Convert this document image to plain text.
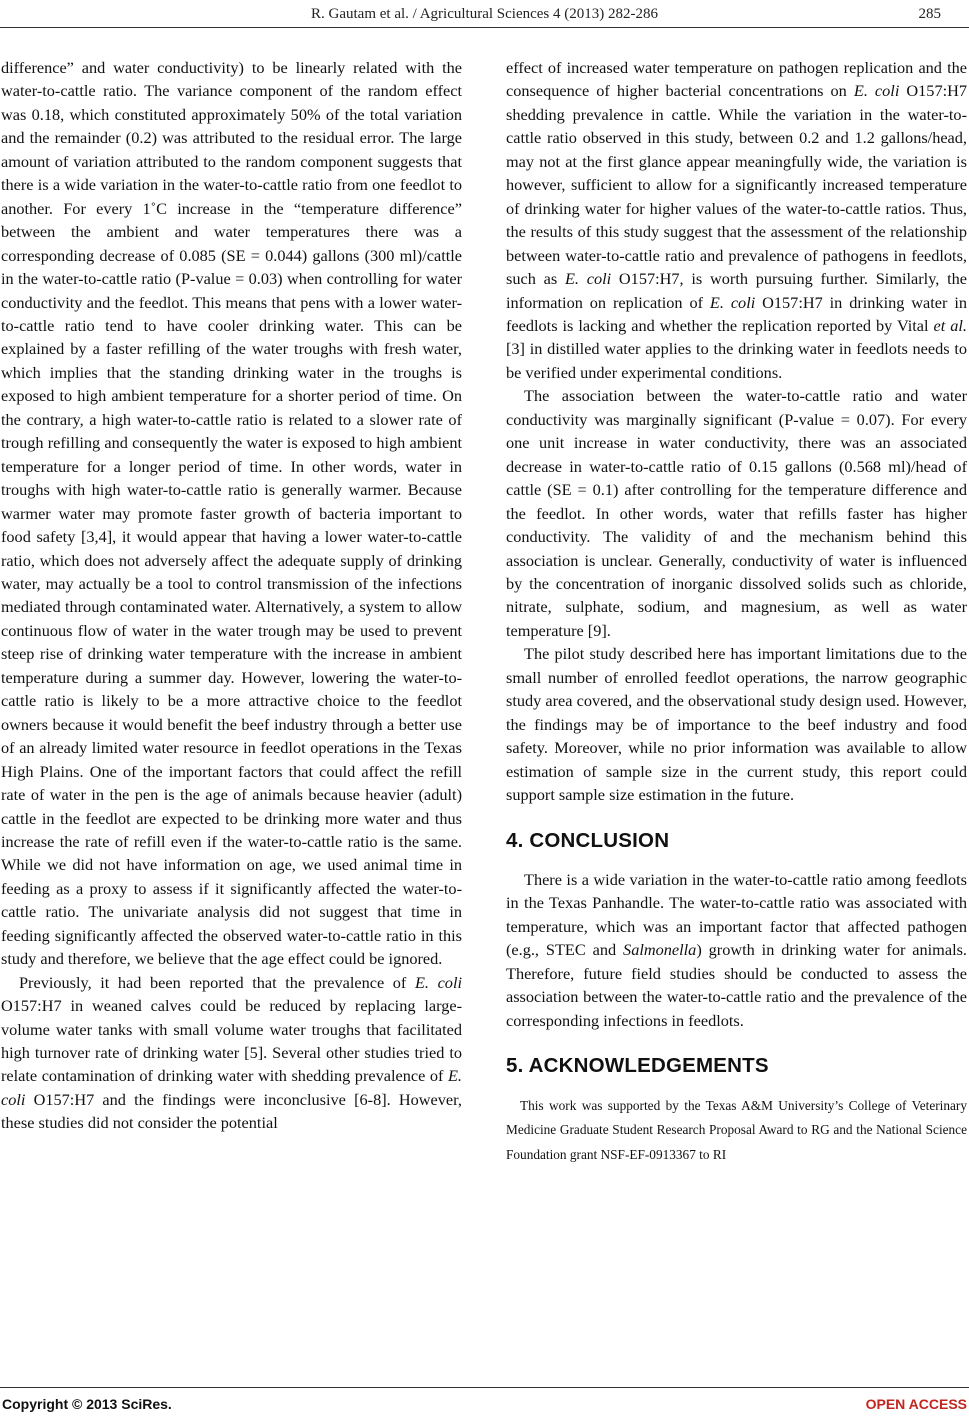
R. Gautam et al. / Agricultural Sciences 4 (2013) 282-286	285

difference” and water conductivity) to be linearly related with the water-to-cattle ratio. The variance component of the random effect was 0.18, which constituted approximately 50% of the total variation and the remainder (0.2) was attributed to the residual error. The large amount of variation attributed to the random component suggests that there is a wide variation in the water-to-cattle ratio from one feedlot to another. For every 1˚C increase in the “temperature difference” between the ambient and water temperatures there was a corresponding decrease of 0.085 (SE = 0.044) gallons (300 ml)/cattle in the water-to-cattle ratio (P-value = 0.03) when controlling for water conductivity and the feedlot. This means that pens with a lower water-to-cattle ratio tend to have cooler drinking water. This can be explained by a faster refilling of the water troughs with fresh water, which implies that the standing drinking water in the troughs is exposed to high ambient temperature for a shorter period of time. On the contrary, a high water-to-cattle ratio is related to a slower rate of trough refilling and consequently the water is exposed to high ambient temperature for a longer period of time. In other words, water in troughs with high water-to-cattle ratio is generally warmer. Because warmer water may promote faster growth of bacteria important to food safety [3,4], it would appear that having a lower water-to-cattle ratio, which does not adversely affect the adequate supply of drinking water, may actually be a tool to control transmission of the infections mediated through contaminated water. Alternatively, a system to allow continuous flow of water in the water trough may be used to prevent steep rise of drinking water temperature with the increase in ambient temperature during a summer day. However, lowering the water-to-cattle ratio is likely to be a more attractive choice to the feedlot owners because it would benefit the beef industry through a better use of an already limited water resource in feedlot operations in the Texas High Plains. One of the important factors that could affect the refill rate of water in the pen is the age of animals because heavier (adult) cattle in the feedlot are expected to be drinking more water and thus increase the rate of refill even if the water-to-cattle ratio is the same. While we did not have information on age, we used animal time in feeding as a proxy to assess if it significantly affected the water-to-cattle ratio. The univariate analysis did not suggest that time in feeding significantly affected the observed water-to-cattle ratio in this study and therefore, we believe that the age effect could be ignored.

Previously, it had been reported that the prevalence of E. coli O157:H7 in weaned calves could be reduced by replacing large-volume water tanks with small volume water troughs that facilitated high turnover rate of drinking water [5]. Several other studies tried to relate contamination of drinking water with shedding prevalence of E. coli O157:H7 and the findings were inconclusive [6-8]. However, these studies did not consider the potential

effect of increased water temperature on pathogen replication and the consequence of higher bacterial concentrations on E. coli O157:H7 shedding prevalence in cattle. While the variation in the water-to-cattle ratio observed in this study, between 0.2 and 1.2 gallons/head, may not at the first glance appear meaningfully wide, the variation is however, sufficient to allow for a significantly increased temperature of drinking water for higher values of the water-to-cattle ratios. Thus, the results of this study suggest that the assessment of the relationship between water-to-cattle ratio and prevalence of pathogens in feedlots, such as E. coli O157:H7, is worth pursuing further. Similarly, the information on replication of E. coli O157:H7 in drinking water in feedlots is lacking and whether the replication reported by Vital et al. [3] in distilled water applies to the drinking water in feedlots needs to be verified under experimental conditions.

The association between the water-to-cattle ratio and water conductivity was marginally significant (P-value = 0.07). For every one unit increase in water conductivity, there was an associated decrease in water-to-cattle ratio of 0.15 gallons (0.568 ml)/head of cattle (SE = 0.1) after controlling for the temperature difference and the feedlot. In other words, water that refills faster has higher conductivity. The validity of and the mechanism behind this association is unclear. Generally, conductivity of water is influenced by the concentration of inorganic dissolved solids such as chloride, nitrate, sulphate, sodium, and magnesium, as well as water temperature [9].

The pilot study described here has important limitations due to the small number of enrolled feedlot operations, the narrow geographic study area covered, and the observational study design used. However, the findings may be of importance to the beef industry and food safety. Moreover, while no prior information was available to allow estimation of sample size in the current study, this report could support sample size estimation in the future.

4. CONCLUSION

There is a wide variation in the water-to-cattle ratio among feedlots in the Texas Panhandle. The water-to-cattle ratio was associated with temperature, which was an important factor that affected pathogen (e.g., STEC and Salmonella) growth in drinking water for animals. Therefore, future field studies should be conducted to assess the association between the water-to-cattle ratio and the prevalence of the corresponding infections in feedlots.

5. ACKNOWLEDGEMENTS

This work was supported by the Texas A&M University’s College of Veterinary Medicine Graduate Student Research Proposal Award to RG and the National Science Foundation grant NSF-EF-0913367 to RI

Copyright © 2013 SciRes.	OPEN ACCESS
